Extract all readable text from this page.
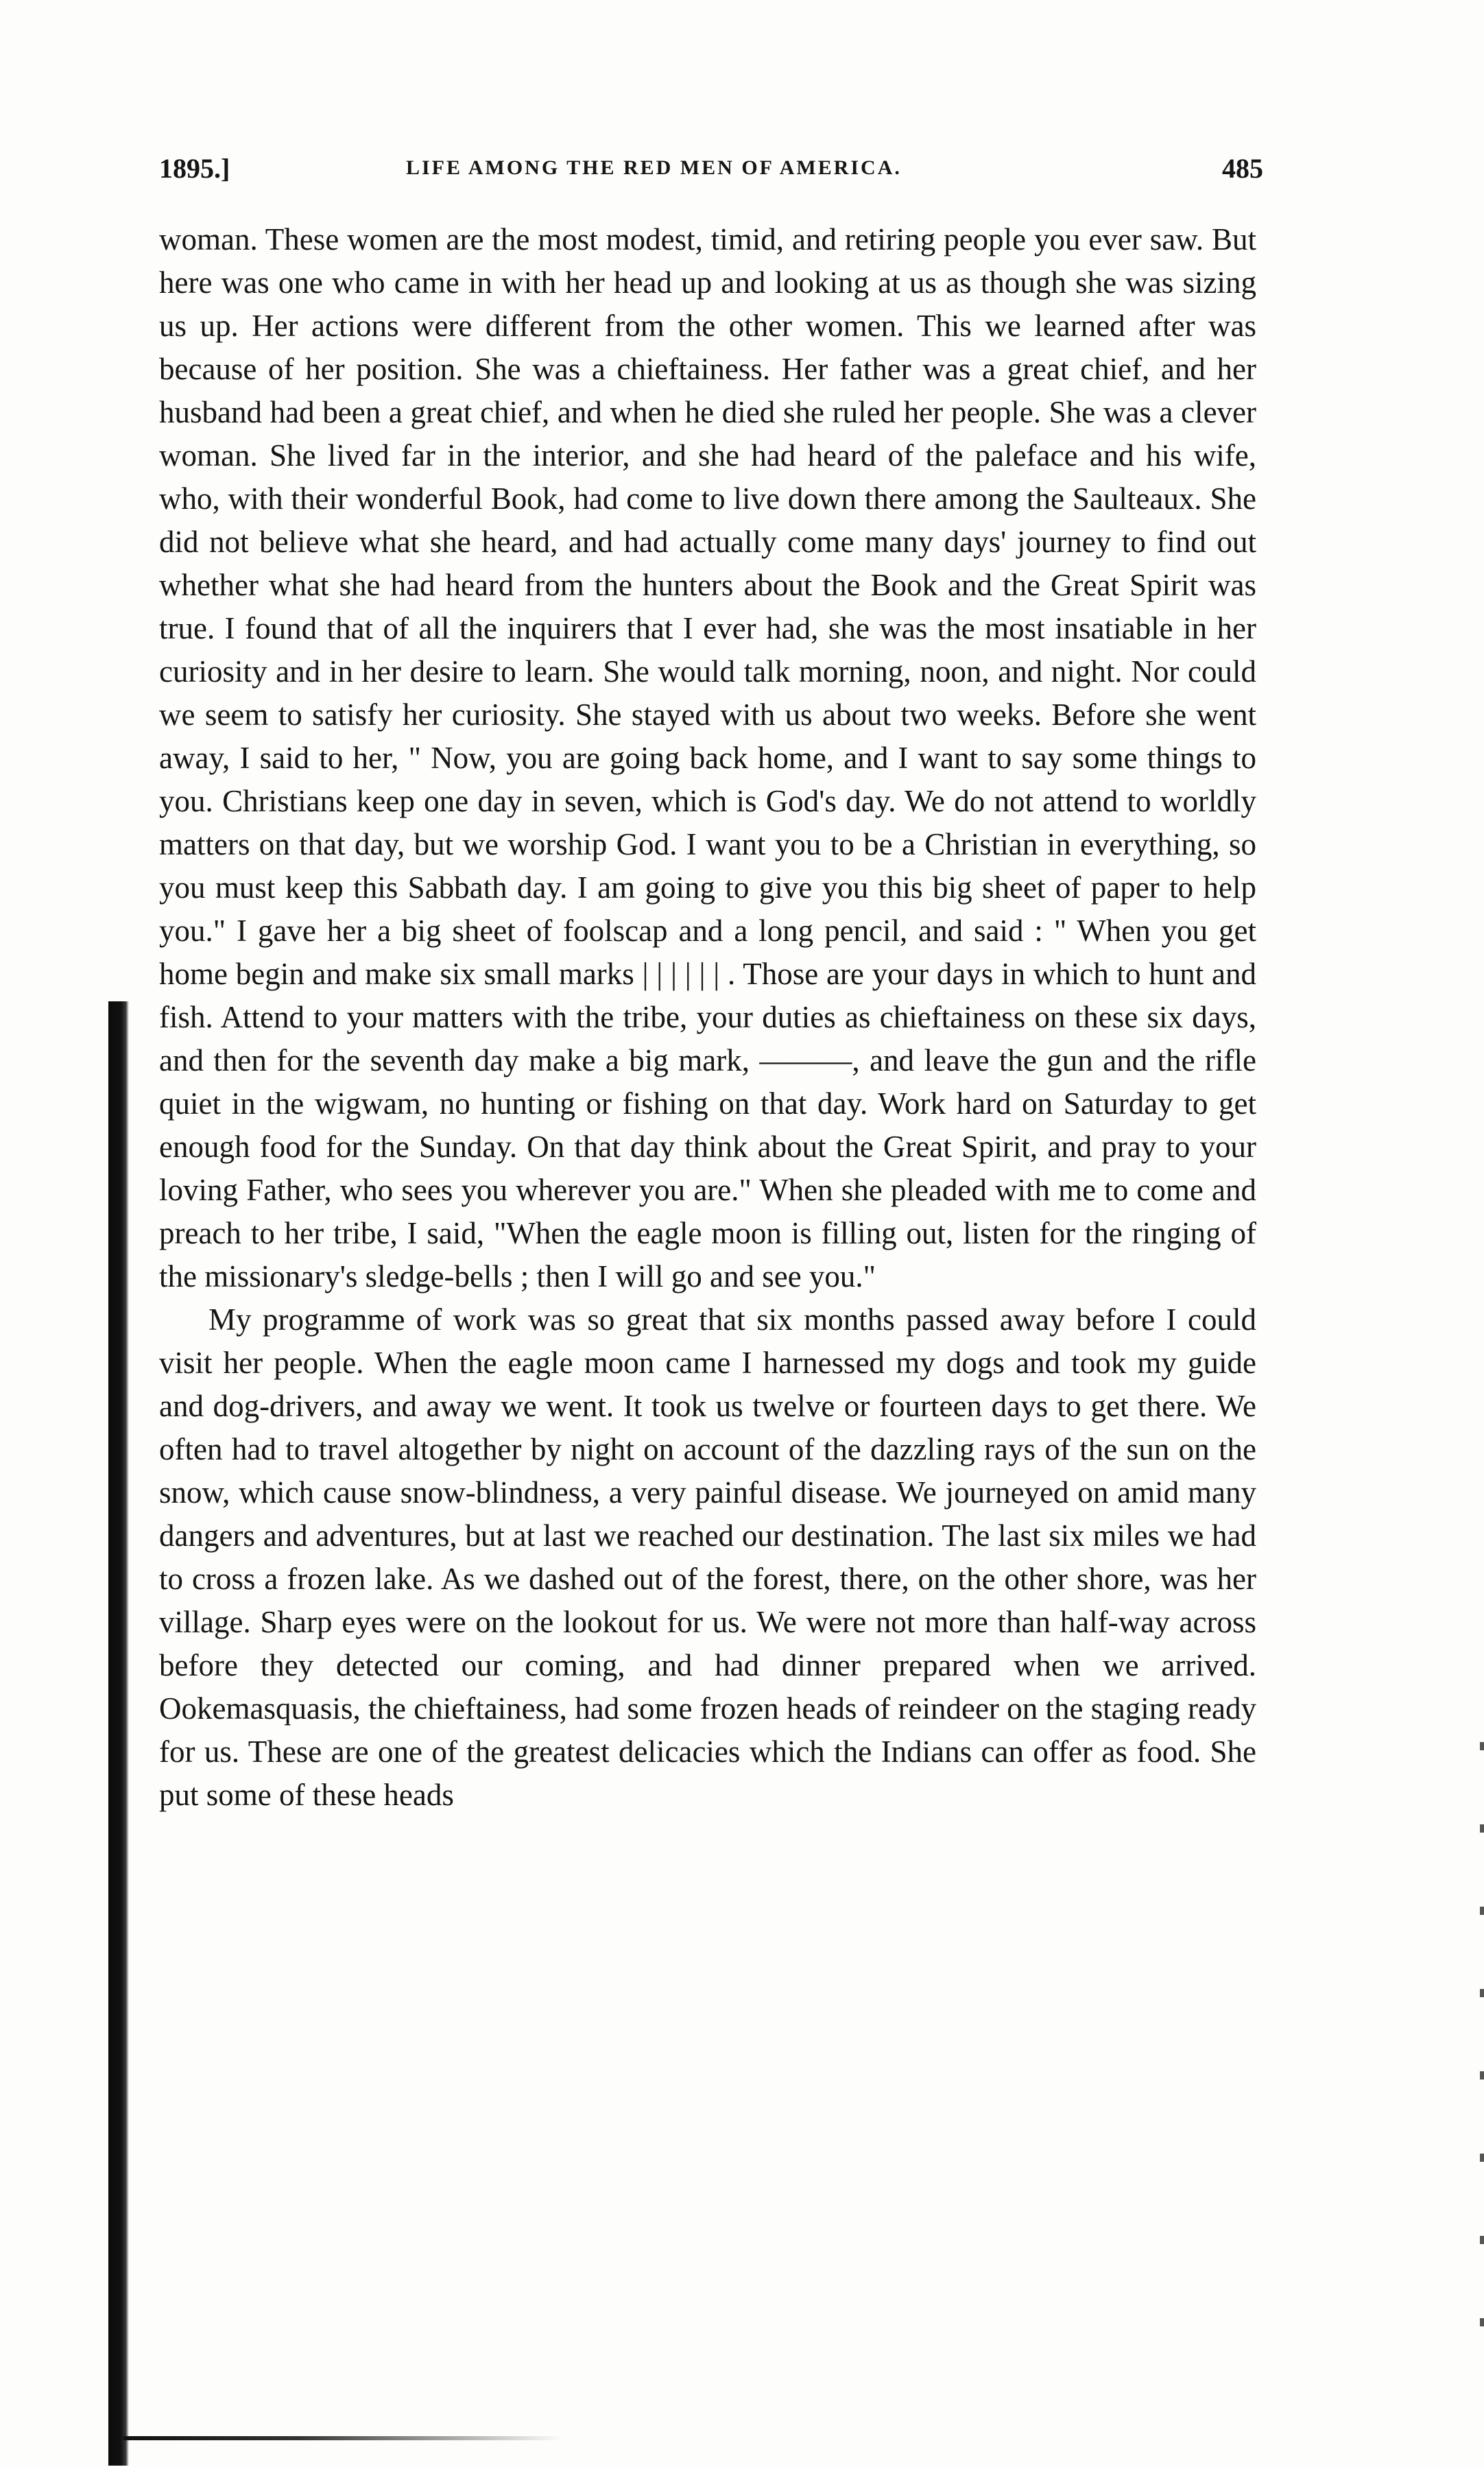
1895.]	LIFE AMONG THE RED MEN OF AMERICA.	485

woman. These women are the most modest, timid, and retiring people you ever saw. But here was one who came in with her head up and looking at us as though she was sizing us up. Her actions were different from the other women. This we learned after was because of her position. She was a chieftainess. Her father was a great chief, and her husband had been a great chief, and when he died she ruled her people. She was a clever woman. She lived far in the interior, and she had heard of the paleface and his wife, who, with their wonderful Book, had come to live down there among the Saulteaux. She did not believe what she heard, and had actually come many days' journey to find out whether what she had heard from the hunters about the Book and the Great Spirit was true. I found that of all the inquirers that I ever had, she was the most insatiable in her curiosity and in her desire to learn. She would talk morning, noon, and night. Nor could we seem to satisfy her curiosity. She stayed with us about two weeks. Before she went away, I said to her, " Now, you are going back home, and I want to say some things to you. Christians keep one day in seven, which is God's day. We do not attend to worldly matters on that day, but we worship God. I want you to be a Christian in everything, so you must keep this Sabbath day. I am going to give you this big sheet of paper to help you." I gave her a big sheet of foolscap and a long pencil, and said : " When you get home begin and make six small marks | | | | | | . Those are your days in which to hunt and fish. Attend to your matters with the tribe, your duties as chieftainess on these six days, and then for the seventh day make a big mark, ———, and leave the gun and the rifle quiet in the wigwam, no hunting or fishing on that day. Work hard on Saturday to get enough food for the Sunday. On that day think about the Great Spirit, and pray to your loving Father, who sees you wherever you are." When she pleaded with me to come and preach to her tribe, I said, "When the eagle moon is filling out, listen for the ringing of the missionary's sledge-bells ; then I will go and see you."

My programme of work was so great that six months passed away before I could visit her people. When the eagle moon came I harnessed my dogs and took my guide and dog-drivers, and away we went. It took us twelve or fourteen days to get there. We often had to travel altogether by night on account of the dazzling rays of the sun on the snow, which cause snow-blindness, a very painful disease. We journeyed on amid many dangers and adventures, but at last we reached our destination. The last six miles we had to cross a frozen lake. As we dashed out of the forest, there, on the other shore, was her village. Sharp eyes were on the lookout for us. We were not more than half-way across before they detected our coming, and had dinner prepared when we arrived. Ookemasquasis, the chieftainess, had some frozen heads of reindeer on the staging ready for us. These are one of the greatest delicacies which the Indians can offer as food. She put some of these heads
